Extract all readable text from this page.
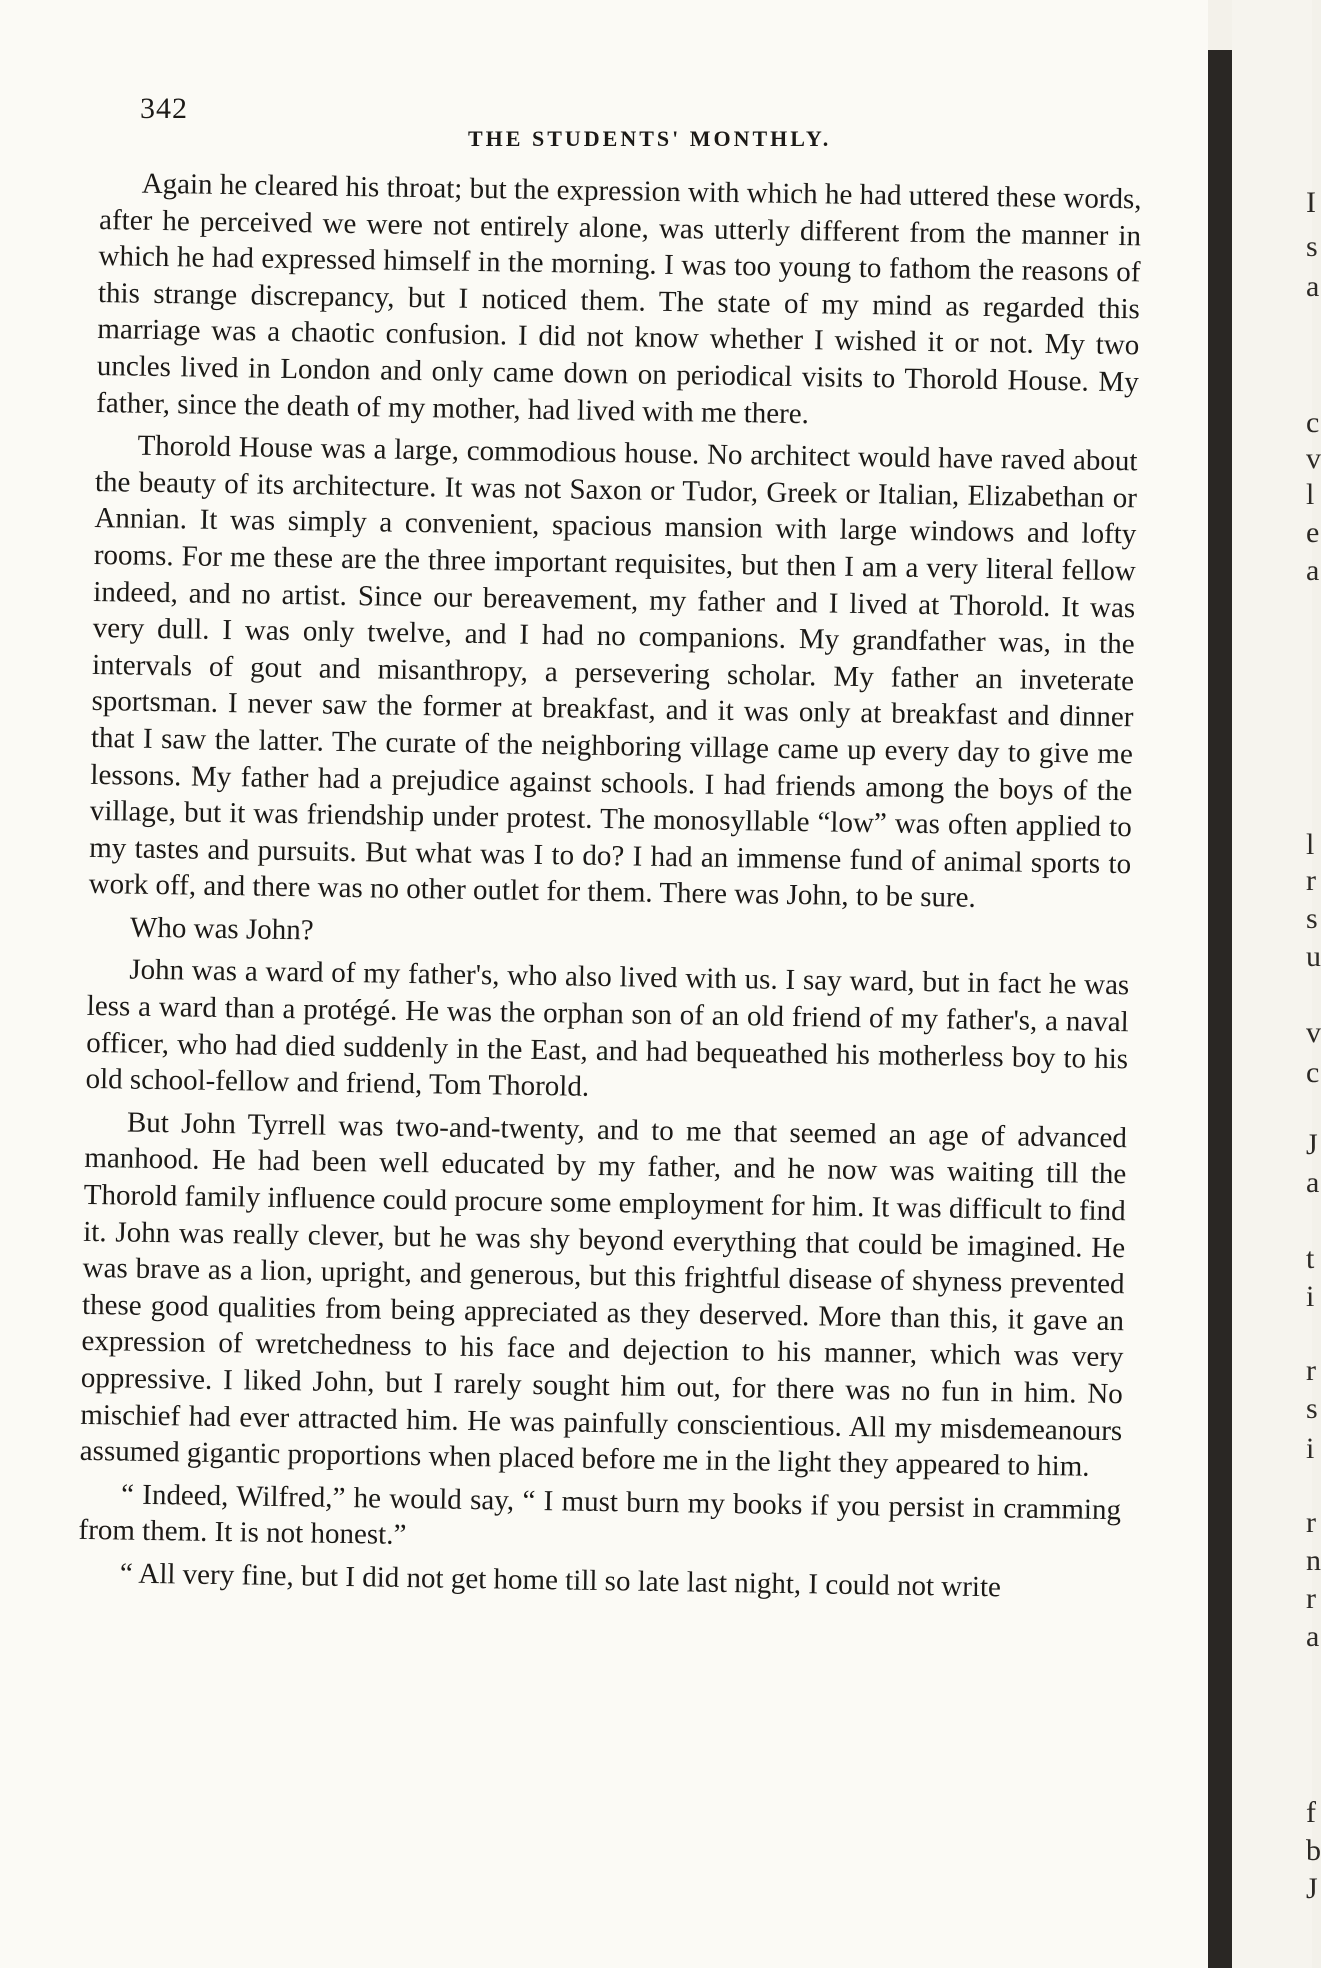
342
THE STUDENTS' MONTHLY.

Again he cleared his throat; but the expression with which he had uttered these words, after he perceived we were not entirely alone, was utterly different from the manner in which he had expressed himself in the morning. I was too young to fathom the reasons of this strange discrepancy, but I noticed them. The state of my mind as regarded this marriage was a chaotic confusion. I did not know whether I wished it or not. My two uncles lived in London and only came down on periodical visits to Thorold House. My father, since the death of my mother, had lived with me there.

Thorold House was a large, commodious house. No architect would have raved about the beauty of its architecture. It was not Saxon or Tudor, Greek or Italian, Elizabethan or Annian. It was simply a convenient, spacious mansion with large windows and lofty rooms. For me these are the three important requisites, but then I am a very literal fellow indeed, and no artist. Since our bereavement, my father and I lived at Thorold. It was very dull. I was only twelve, and I had no companions. My grandfather was, in the intervals of gout and misanthropy, a persevering scholar. My father an inveterate sportsman. I never saw the former at breakfast, and it was only at breakfast and dinner that I saw the latter. The curate of the neighboring village came up every day to give me lessons. My father had a prejudice against schools. I had friends among the boys of the village, but it was friendship under protest. The monosyllable “low” was often applied to my tastes and pursuits. But what was I to do? I had an immense fund of animal sports to work off, and there was no other outlet for them. There was John, to be sure.

Who was John?

John was a ward of my father's, who also lived with us. I say ward, but in fact he was less a ward than a protégé. He was the orphan son of an old friend of my father's, a naval officer, who had died suddenly in the East, and had bequeathed his motherless boy to his old school-fellow and friend, Tom Thorold.

But John Tyrrell was two-and-twenty, and to me that seemed an age of advanced manhood. He had been well educated by my father, and he now was waiting till the Thorold family influence could procure some employment for him. It was difficult to find it. John was really clever, but he was shy beyond everything that could be imagined. He was brave as a lion, upright, and generous, but this frightful disease of shyness prevented these good qualities from being appreciated as they deserved. More than this, it gave an expression of wretchedness to his face and dejection to his manner, which was very oppressive. I liked John, but I rarely sought him out, for there was no fun in him. No mischief had ever attracted him. He was painfully conscientious. All my misdemeanours assumed gigantic proportions when placed before me in the light they appeared to him.

“ Indeed, Wilfred,” he would say, “ I must burn my books if you persist in cramming from them. It is not honest.”

“ All very fine, but I did not get home till so late last night, I could not write

I
s
a
c
v
l
e
a
l
r
s
u
v
c
J
a
t
i
r
s
i
r
n
r
a
f
b
J
